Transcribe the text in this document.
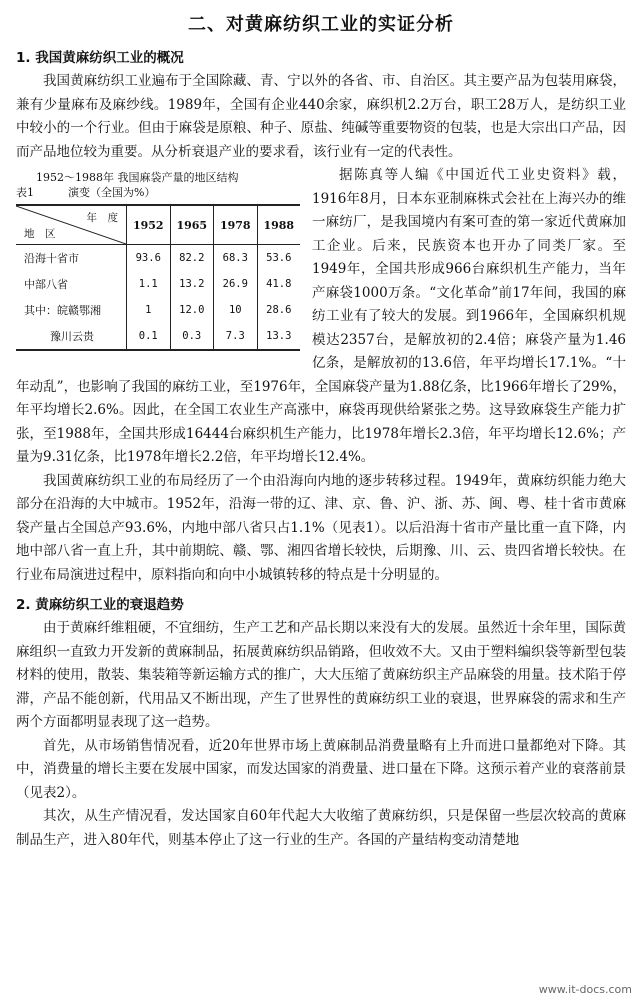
二、对黄麻纺织工业的实证分析
1. 我国黄麻纺织工业的概况

我国黄麻纺织工业遍布于全国除藏、青、宁以外的各省、市、自治区。其主要产品为包装用麻袋，兼有少量麻布及麻纱线。1989年，全国有企业440余家，麻织机2.2万台，职工28万人，是纺织工业中较小的一个行业。但由于麻袋是原粮、种子、原盐、纯碱等重要物资的包装，也是大宗出口产品，因而产品地位较为重要。从分析衰退产业的要求看，该行业有一定的代表性。

1952～1988年 我国麻袋产量的地区结构
表1	演变（全国为%）
年　度
地　区	1952	1965	1978	1988
沿海十省市	93.6	82.2	68.3	53.6
中部八省	1.1	13.2	26.9	41.8
其中：皖赣鄂湘	1	12.0	10	28.6
豫川云贵	0.1	0.3	7.3	13.3

据陈真等人编《中国近代工业史资料》载，1916年8月，日本东亚制麻株式会社在上海兴办的维一麻纺厂，是我国境内有案可查的第一家近代黄麻加工企业。后来，民族资本也开办了同类厂家。至1949年，全国共形成966台麻织机生产能力，当年产麻袋1000万条。“文化革命”前17年间，我国的麻纺工业有了较大的发展。到1966年，全国麻织机规模达2357台，是解放初的2.4倍；麻袋产量为1.46亿条，是解放初的13.6倍，年平均增长17.1%。“十年动乱”，也影响了我国的麻纺工业，至1976年，全国麻袋产量为1.88亿条，比1966年增长了29%，年平均增长2.6%。因此，在全国工农业生产高涨中，麻袋再现供给紧张之势。这导致麻袋生产能力扩张，至1988年，全国共形成16444台麻织机生产能力，比1978年增长2.3倍，年平均增长12.6%；产量为9.31亿条，比1978年增长2.2倍，年平均增长12.4%。

我国黄麻纺织工业的布局经历了一个由沿海向内地的逐步转移过程。1949年，黄麻纺织能力绝大部分在沿海的大中城市。1952年，沿海一带的辽、津、京、鲁、沪、浙、苏、闽、粤、桂十省市黄麻袋产量占全国总产93.6%，内地中部八省只占1.1%（见表1）。以后沿海十省市产量比重一直下降，内地中部八省一直上升，其中前期皖、赣、鄂、湘四省增长较快，后期豫、川、云、贵四省增长较快。在行业布局演进过程中，原料指向和向中小城镇转移的特点是十分明显的。

2. 黄麻纺织工业的衰退趋势

由于黄麻纤维粗硬，不宜细纺，生产工艺和产品长期以来没有大的发展。虽然近十余年里，国际黄麻组织一直致力开发新的黄麻制品，拓展黄麻纺织品销路，但收效不大。又由于塑料编织袋等新型包装材料的使用，散装、集装箱等新运输方式的推广，大大压缩了黄麻纺织主产品麻袋的用量。技术陷于停滞，产品不能创新，代用品又不断出现，产生了世界性的黄麻纺织工业的衰退，世界麻袋的需求和生产两个方面都明显表现了这一趋势。

首先，从市场销售情况看，近20年世界市场上黄麻制品消费量略有上升而进口量都绝对下降。其中，消费量的增长主要在发展中国家，而发达国家的消费量、进口量在下降。这预示着产业的衰落前景（见表2）。

其次，从生产情况看，发达国家自60年代起大大收缩了黄麻纺织，只是保留一些层次较高的黄麻制品生产，进入80年代，则基本停止了这一行业的生产。各国的产量结构变动清楚地

www.it-docs.com
